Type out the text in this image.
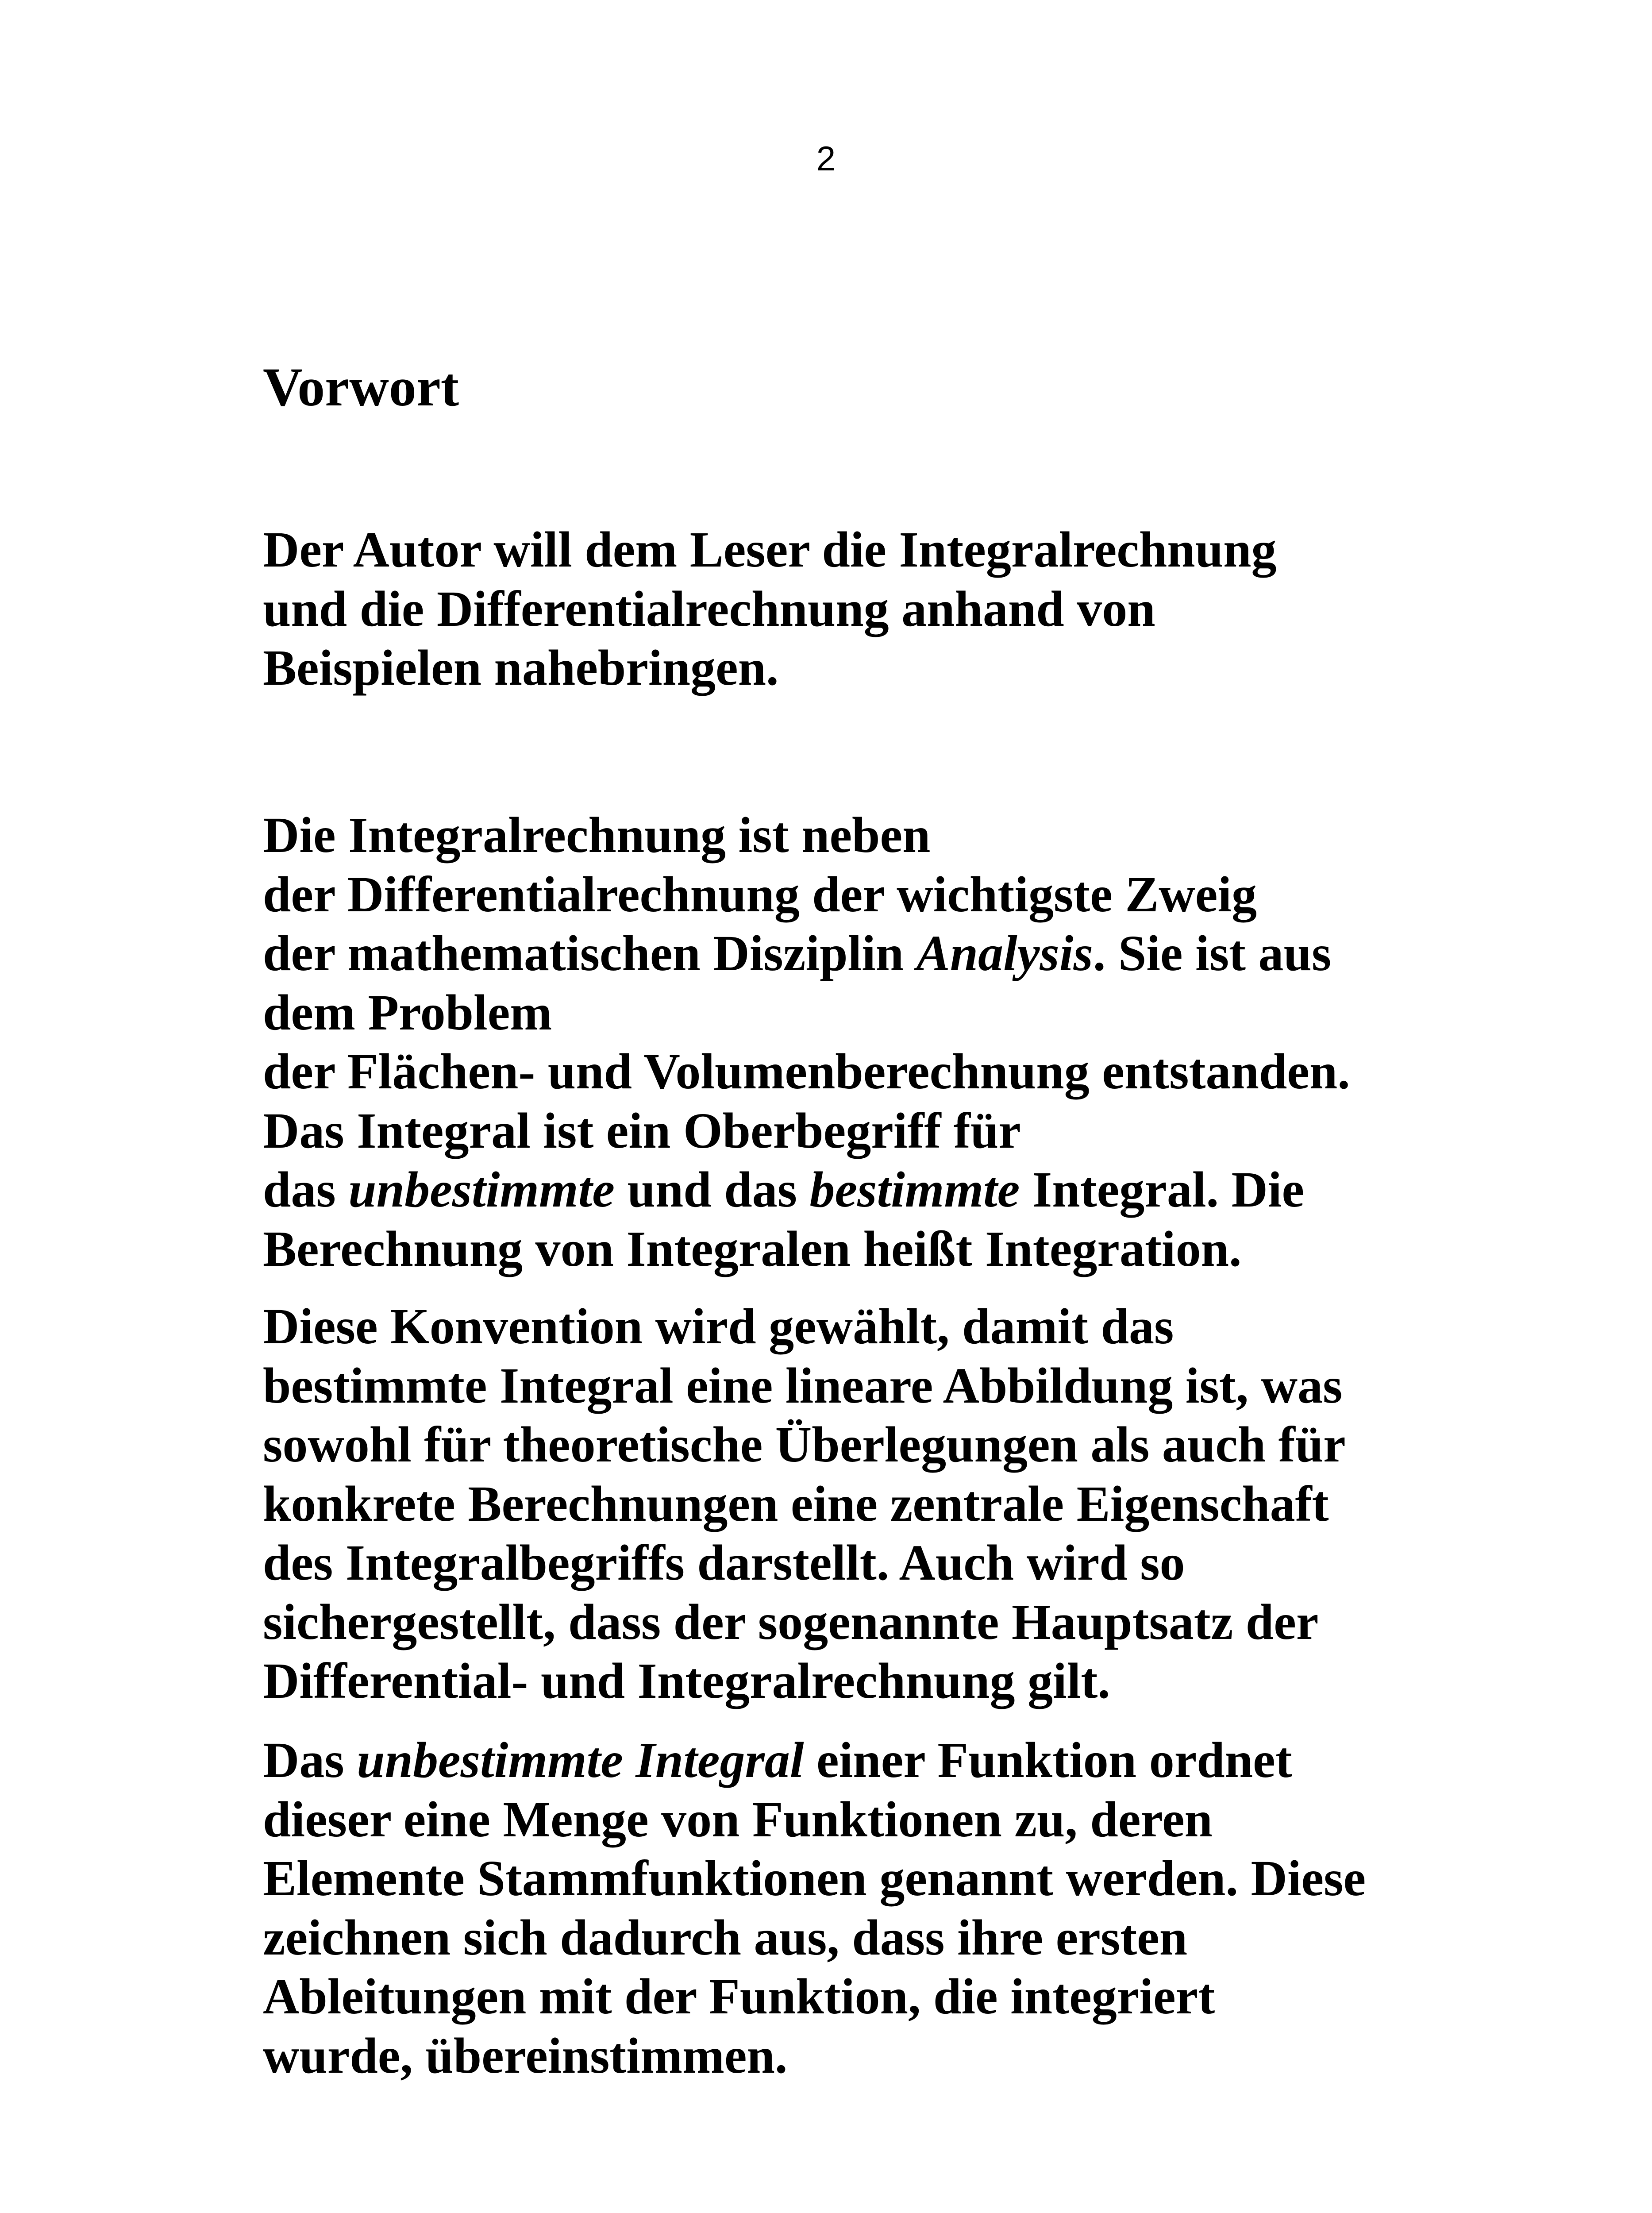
2
Vorwort

Der Autor will dem Leser die Integralrechnung
und die Differentialrechnung anhand von
Beispielen nahebringen.

Die Integralrechnung ist neben
der Differentialrechnung der wichtigste Zweig
der mathematischen Disziplin Analysis. Sie ist aus
dem Problem
der Flächen- und Volumenberechnung entstanden.
Das Integral ist ein Oberbegriff für
das unbestimmte und das bestimmte Integral. Die
Berechnung von Integralen heißt Integration.

Diese Konvention wird gewählt, damit das
bestimmte Integral eine lineare Abbildung ist, was
sowohl für theoretische Überlegungen als auch für
konkrete Berechnungen eine zentrale Eigenschaft
des Integralbegriffs darstellt. Auch wird so
sichergestellt, dass der sogenannte Hauptsatz der
Differential- und Integralrechnung gilt.

Das unbestimmte Integral einer Funktion ordnet
dieser eine Menge von Funktionen zu, deren
Elemente Stammfunktionen genannt werden. Diese
zeichnen sich dadurch aus, dass ihre ersten
Ableitungen mit der Funktion, die integriert
wurde, übereinstimmen.
